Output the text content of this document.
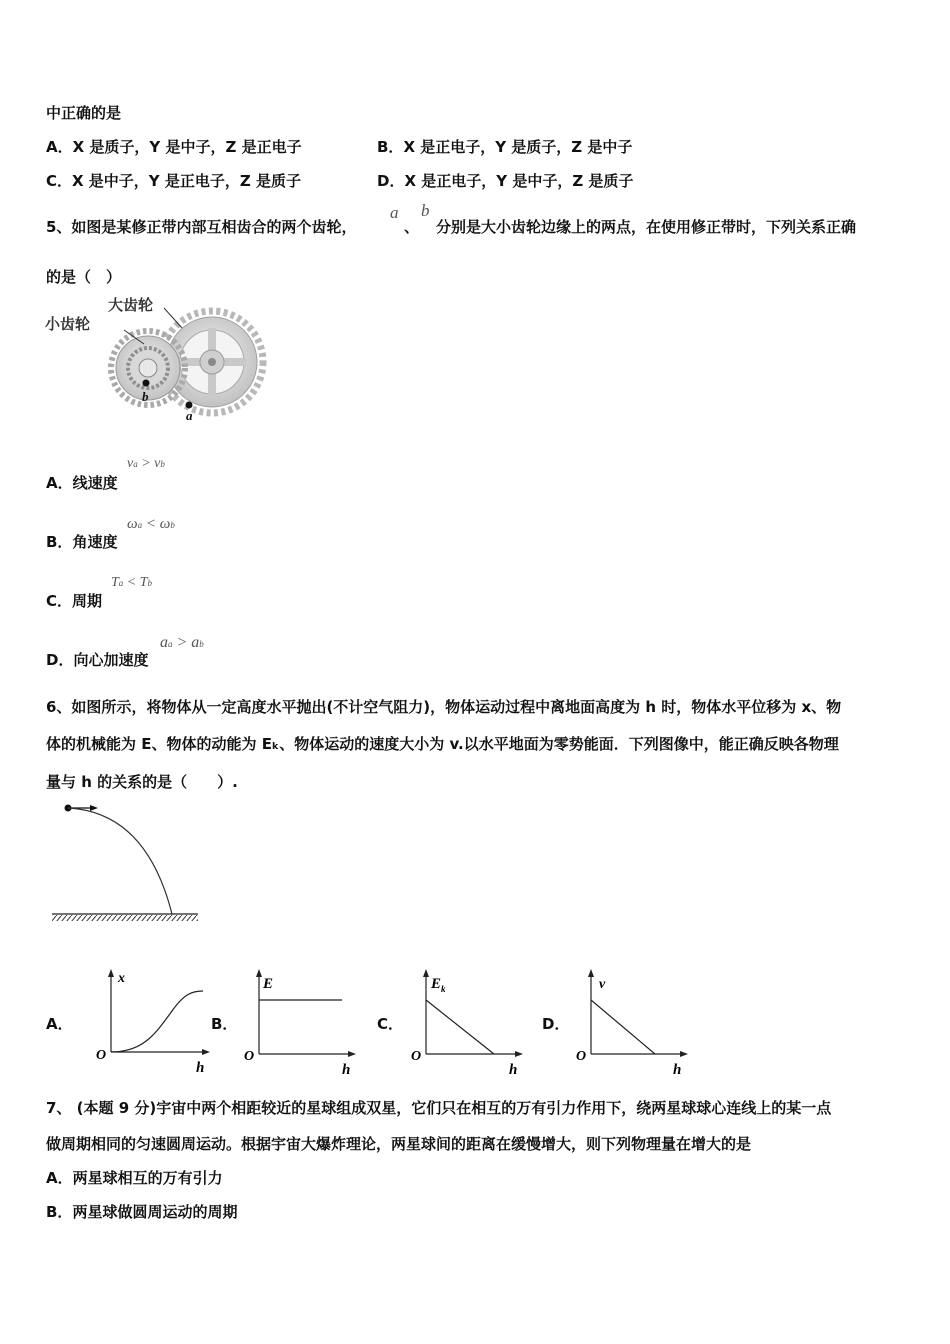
中正确的是
A．X 是质子，Y 是中子，Z 是正电子	B．X 是正电子，Y 是质子，Z 是中子
C．X 是中子，Y 是正电子，Z 是质子	D．X 是正电子，Y 是中子，Z 是质子
5、如图是某修正带内部互相齿合的两个齿轮，
a
、
b
分别是大小齿轮边缘上的两点，在使用修正带时，下列关系正确
的是（　）
大齿轮
小齿轮
b
a
A．线速度
va > vb
B．角速度
ωa < ωb
C．周期
Ta < Tb
D．向心加速度
aa > ab
6、如图所示，将物体从一定高度水平抛出(不计空气阻力)，物体运动过程中离地面高度为 h 时，物体水平位移为 x、物
体的机械能为 E、物体的动能为 Eₖ、物体运动的速度大小为 v.以水平地面为零势能面．下列图像中，能正确反映各物理
量与 h 的关系的是（　　）.
A．
x
O
h
B．
E
O
h
C．
E k
O
h
D．
v
O
h
7、 (本题 9 分)宇宙中两个相距较近的星球组成双星，它们只在相互的万有引力作用下，绕两星球球心连线上的某一点
做周期相同的匀速圆周运动。根据宇宙大爆炸理论，两星球间的距离在缓慢增大，则下列物理量在增大的是
A．两星球相互的万有引力
B．两星球做圆周运动的周期
